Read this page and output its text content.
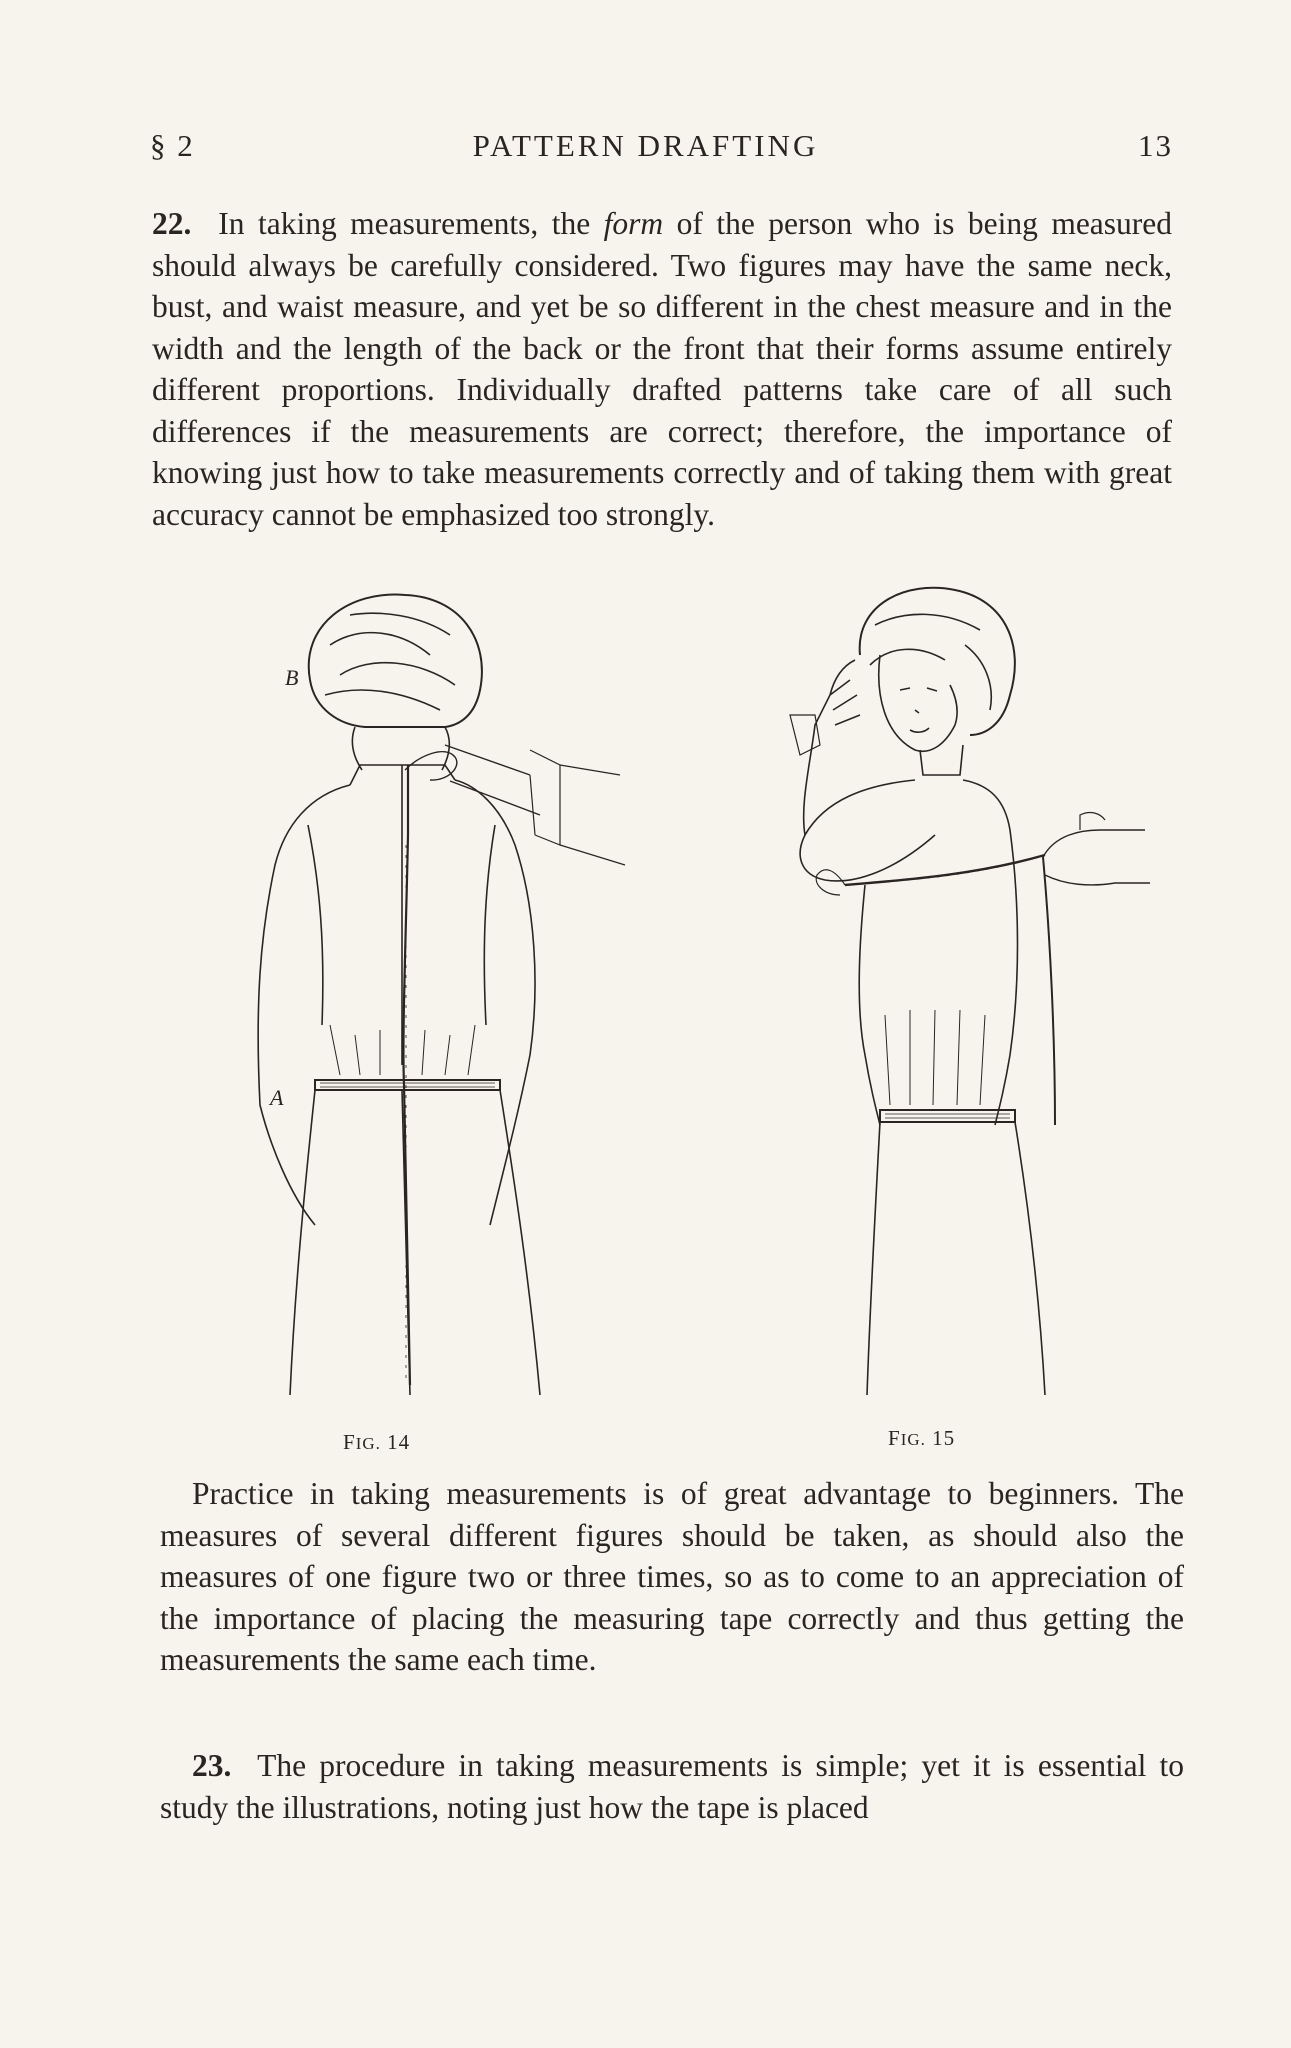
§ 2	PATTERN DRAFTING	13

22. In taking measurements, the form of the person who is being measured should always be carefully considered. Two figures may have the same neck, bust, and waist measure, and yet be so different in the chest measure and in the width and the length of the back or the front that their forms assume entirely different proportions. Individually drafted patterns take care of all such differences if the measurements are correct; therefore, the importance of knowing just how to take measurements correctly and of taking them with great accuracy cannot be emphasized too strongly.

B
A
FIG. 14	FIG. 15

Practice in taking measurements is of great advantage to beginners. The measures of several different figures should be taken, as should also the measures of one figure two or three times, so as to come to an appreciation of the importance of placing the measuring tape correctly and thus getting the measurements the same each time.

23. The procedure in taking measurements is simple; yet it is essential to study the illustrations, noting just how the tape is placed
